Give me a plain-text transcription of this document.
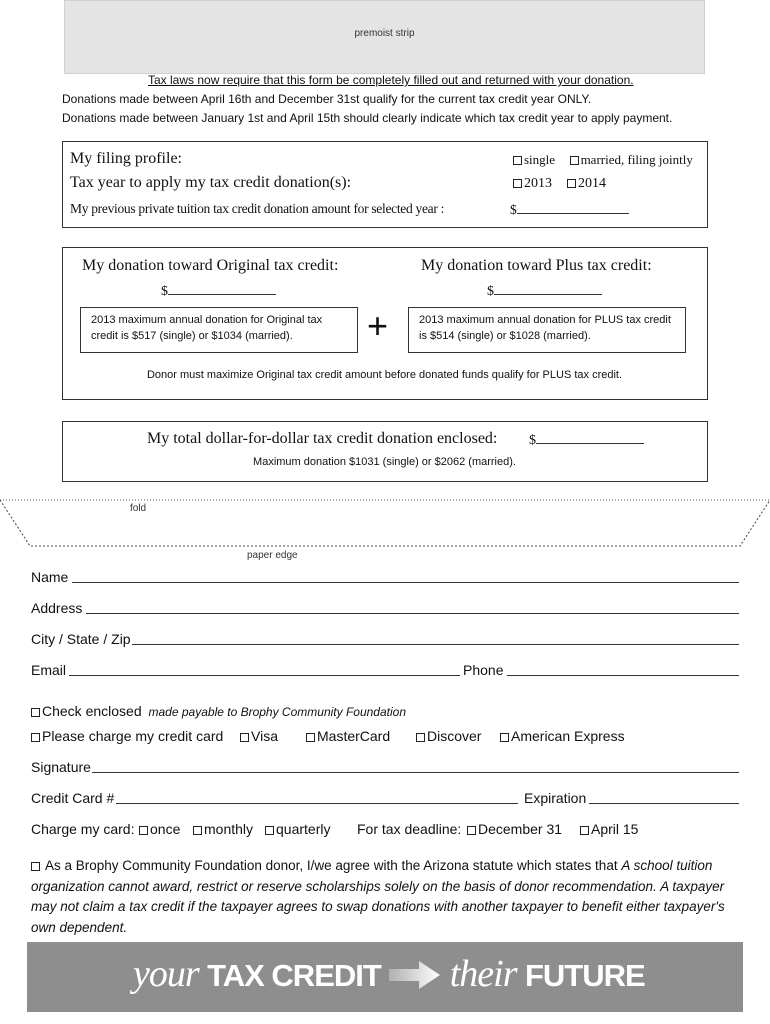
premoist strip
Tax laws now require that this form be completely filled out and returned with your donation.
Donations made between April 16th and December 31st qualify for the current tax credit year ONLY.
Donations made between January 1st and April 15th should clearly indicate which tax credit year to apply payment.
My filing profile:	single married, filing jointly
Tax year to apply my tax credit donation(s):	2013 2014
My previous private tuition tax credit donation amount for selected year :	$
My donation toward Original tax credit:	My donation toward Plus tax credit:
$	$
2013 maximum annual donation for Original tax credit is $517 (single) or $1034 (married).	+	2013 maximum annual donation for PLUS tax credit is $514 (single) or $1028 (married).
Donor must maximize Original tax credit amount before donated funds qualify for PLUS tax credit.
My total dollar-for-dollar tax credit donation enclosed: $
Maximum donation $1031 (single) or $2062 (married).
fold
paper edge
Name
Address
City / State / Zip
Email	Phone
Check enclosed made payable to Brophy Community Foundation
Please charge my credit card	Visa	MasterCard	Discover	American Express
Signature
Credit Card #	Expiration
Charge my card:	once	monthly	quarterly For tax deadline:	December 31	April 15
As a Brophy Community Foundation donor, I/we agree with the Arizona statute which states that A school tuition organization cannot award, restrict or reserve scholarships solely on the basis of donor recommendation. A taxpayer may not claim a tax credit if the taxpayer agrees to swap donations with another taxpayer to benefit either taxpayer's own dependent.
your TAX CREDIT their FUTURE
